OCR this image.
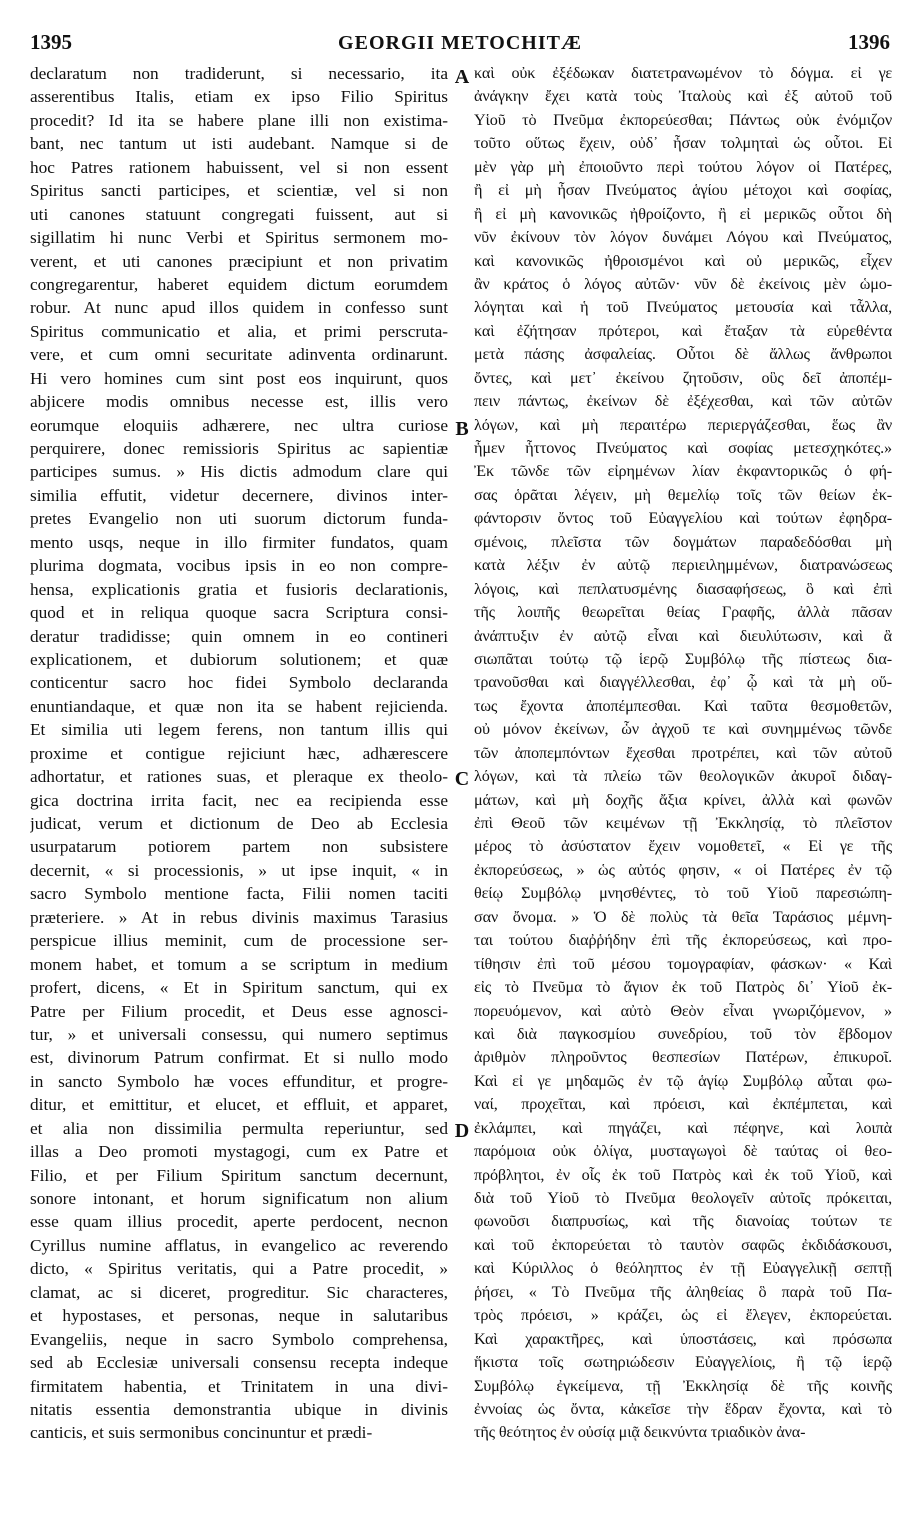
1395	GEORGII METOCHITÆ	1396
declaratum non tradiderunt, si necessario, ita
asserentibus Italis, etiam ex ipso Filio Spiritus
procedit? Id ita se habere plane illi non existima-
bant, nec tantum ut isti audebant. Namque si de
hoc Patres rationem habuissent, vel si non essent
Spiritus sancti participes, et scientiæ, vel si non
uti canones statuunt congregati fuissent, aut si
sigillatim hi nunc Verbi et Spiritus sermonem mo-
verent, et uti canones præcipiunt et non privatim
congregarentur, haberet equidem dictum eorumdem
robur. At nunc apud illos quidem in confesso sunt
Spiritus communicatio et alia, et primi perscruta-
vere, et cum omni securitate adinventa ordinarunt.
Hi vero homines cum sint post eos inquirunt, quos
abjicere modis omnibus necesse est, illis vero
eorumque eloquiis adhærere, nec ultra curiose
perquirere, donec remissioris Spiritus ac sapientiæ
participes sumus. » His dictis admodum clare qui
similia effutit, videtur decernere, divinos inter-
pretes Evangelio non uti suorum dictorum funda-
mento usqs, neque in illo firmiter fundatos, quam
plurima dogmata, vocibus ipsis in eo non compre-
hensa, explicationis gratia et fusioris declarationis,
quod et in reliqua quoque sacra Scriptura consi-
deratur tradidisse; quin omnem in eo contineri
explicationem, et dubiorum solutionem; et quæ
conticentur sacro hoc fidei Symbolo declaranda
enuntiandaque, et quæ non ita se habent rejicienda.
Et similia uti legem ferens, non tantum illis qui
proxime et contigue rejiciunt hæc, adhærescere
adhortatur, et rationes suas, et pleraque ex theolo-
gica doctrina irrita facit, nec ea recipienda esse
judicat, verum et dictionum de Deo ab Ecclesia
usurpatarum potiorem partem non subsistere
decernit, « si processionis, » ut ipse inquit, « in
sacro Symbolo mentione facta, Filii nomen taciti
præteriere. » At in rebus divinis maximus Tarasius
perspicue illius meminit, cum de processione ser-
monem habet, et tomum a se scriptum in medium
profert, dicens, « Et in Spiritum sanctum, qui ex
Patre per Filium procedit, et Deus esse agnosci-
tur, » et universali consessu, qui numero septimus
est, divinorum Patrum confirmat. Et si nullo modo
in sancto Symbolo hæ voces effunditur, et progre-
ditur, et emittitur, et elucet, et effluit, et apparet,
et alia non dissimilia permulta reperiuntur, sed
illas a Deo promoti mystagogi, cum ex Patre et
Filio, et per Filium Spiritum sanctum decernunt,
sonore intonant, et horum significatum non alium
esse quam illius procedit, aperte perdocent, necnon
Cyrillus numine afflatus, in evangelico ac reverendo
dicto, « Spiritus veritatis, qui a Patre procedit, »
clamat, ac si diceret, progreditur. Sic characteres,
et hypostases, et personas, neque in salutaribus
Evangeliis, neque in sacro Symbolo comprehensa,
sed ab Ecclesiæ universali consensu recepta indeque
firmitatem habentia, et Trinitatem in una divi-
nitatis essentia demonstrantia ubique in divinis
canticis, et suis sermonibus concinuntur et prædi-
καὶ οὐκ ἐξέδωκαν διατετρανωμένον τὸ δόγμα. εἰ γε
ἀνάγκην ἔχει κατὰ τοὺς Ἰταλοὺς καὶ ἐξ αὐτοῦ τοῦ
Υἱοῦ τὸ Πνεῦμα ἐκπορεύεσθαι; Πάντως οὐκ ἐνόμιζον
τοῦτο οὕτως ἔχειν, οὐδ᾽ ἦσαν τολμηταὶ ὡς οὗτοι. Εἰ
μὲν γὰρ μὴ ἐποιοῦντο περὶ τούτου λόγον οἱ Πατέρες,
ἢ εἰ μὴ ἦσαν Πνεύματος ἁγίου μέτοχοι καὶ σοφίας,
ἢ εἰ μὴ κανονικῶς ἠθροίζοντο, ἢ εἰ μερικῶς οὗτοι δὴ
νῦν ἐκίνουν τὸν λόγον δυνάμει Λόγου καὶ Πνεύματος,
καὶ κανονικῶς ἠθροισμένοι καὶ οὐ μερικῶς, εἶχεν
ἂν κράτος ὁ λόγος αὐτῶν· νῦν δὲ ἐκείνοις μὲν ὡμο-
λόγηται καὶ ἡ τοῦ Πνεύματος μετουσία καὶ τἆλλα,
καὶ ἐζήτησαν πρότεροι, καὶ ἔταξαν τὰ εὑρεθέντα
μετὰ πάσης ἀσφαλείας. Οὗτοι δὲ ἄλλως ἄνθρωποι
ὄντες, καὶ μετ᾽ ἐκείνου ζητοῦσιν, οὓς δεῖ ἀποπέμ-
πειν πάντως, ἐκείνων δὲ ἐξέχεσθαι, καὶ τῶν αὐτῶν
λόγων, καὶ μὴ περαιτέρω περιεργάζεσθαι, ἕως ἂν
ἦμεν ἧττονος Πνεύματος καὶ σοφίας μετεσχηκότες.»
Ἐκ τῶνδε τῶν εἰρημένων λίαν ἐκφαντορικῶς ὁ φή-
σας ὁρᾶται λέγειν, μὴ θεμελίῳ τοῖς τῶν θείων ἐκ-
φάντορσιν ὄντος τοῦ Εὐαγγελίου καὶ τούτων ἐφηδρα-
σμένοις, πλεῖστα τῶν δογμάτων παραδεδόσθαι μὴ
κατὰ λέξιν ἐν αὐτῷ περιειλημμένων, διατρανώσεως
λόγοις, καὶ πεπλατυσμένης διασαφήσεως, ὃ καὶ ἐπὶ
τῆς λοιπῆς θεωρεῖται θείας Γραφῆς, ἀλλὰ πᾶσαν
ἀνάπτυξιν ἐν αὐτῷ εἶναι καὶ διευλύτωσιν, καὶ ἃ
σιωπᾶται τούτῳ τῷ ἱερῷ Συμβόλῳ τῆς πίστεως δια-
τρανοῦσθαι καὶ διαγγέλλεσθαι, ἐφ᾽ ᾧ καὶ τὰ μὴ οὕ-
τως ἔχοντα ἀποπέμπεσθαι. Καὶ ταῦτα θεσμοθετῶν,
οὐ μόνον ἐκείνων, ὧν ἀγχοῦ τε καὶ συνημμένως τῶνδε
τῶν ἀποπεμπόντων ἔχεσθαι προτρέπει, καὶ τῶν αὐτοῦ
λόγων, καὶ τὰ πλείω τῶν θεολογικῶν ἀκυροῖ διδαγ-
μάτων, καὶ μὴ δοχῆς ἄξια κρίνει, ἀλλὰ καὶ φωνῶν
ἐπὶ Θεοῦ τῶν κειμένων τῇ Ἐκκλησίᾳ, τὸ πλεῖστον
μέρος τὸ ἀσύστατον ἔχειν νομοθετεῖ, « Εἰ γε τῆς
ἐκπορεύσεως, » ὡς αὐτός φησιν, « οἱ Πατέρες ἐν τῷ
θείῳ Συμβόλῳ μνησθέντες, τὸ τοῦ Υἱοῦ παρεσιώπη-
σαν ὄνομα. » Ὁ δὲ πολὺς τὰ θεῖα Ταράσιος μέμνη-
ται τούτου διαῤῥήδην ἐπὶ τῆς ἐκπορεύσεως, καὶ προ-
τίθησιν ἐπὶ τοῦ μέσου τομογραφίαν, φάσκων· « Καὶ
εἰς τὸ Πνεῦμα τὸ ἅγιον ἐκ τοῦ Πατρὸς δι᾽ Υἱοῦ ἐκ-
πορευόμενον, καὶ αὐτὸ Θεὸν εἶναι γνωριζόμενον, »
καὶ διὰ παγκοσμίου συνεδρίου, τοῦ τὸν ἕβδομον
ἀριθμὸν πληροῦντος θεσπεσίων Πατέρων, ἐπικυροῖ.
Καὶ εἰ γε μηδαμῶς ἐν τῷ ἁγίῳ Συμβόλῳ αὗται φω-
ναί, προχεῖται, καὶ πρόεισι, καὶ ἐκπέμπεται, καὶ
ἐκλάμπει, καὶ πηγάζει, καὶ πέφηνε, καὶ λοιπὰ
παρόμοια οὐκ ὀλίγα, μυσταγωγοὶ δὲ ταύτας οἱ θεο-
πρόβλητοι, ἐν οἷς ἐκ τοῦ Πατρὸς καὶ ἐκ τοῦ Υἱοῦ, καὶ
διὰ τοῦ Υἱοῦ τὸ Πνεῦμα θεολογεῖν αὐτοῖς πρόκειται,
φωνοῦσι διαπρυσίως, καὶ τῆς διανοίας τούτων τε
καὶ τοῦ ἐκπορεύεται τὸ ταυτὸν σαφῶς ἐκδιδάσκουσι,
καὶ Κύριλλος ὁ θεόληπτος ἐν τῇ Εὐαγγελικῇ σεπτῇ
ῥήσει, « Τὸ Πνεῦμα τῆς ἀληθείας ὃ παρὰ τοῦ Πα-
τρὸς πρόεισι, » κράζει, ὡς εἰ ἔλεγεν, ἐκπορεύεται.
Καὶ χαρακτῆρες, καὶ ὑποστάσεις, καὶ πρόσωπα
ἥκιστα τοῖς σωτηριώδεσιν Εὐαγγελίοις, ἢ τῷ ἱερῷ
Συμβόλῳ ἐγκείμενα, τῇ Ἐκκλησίᾳ δὲ τῆς κοινῆς
ἐννοίας ὡς ὄντα, κἀκεῖσε τὴν ἕδραν ἔχοντα, καὶ τὸ
τῆς θεότητος ἐν οὐσίᾳ μιᾷ δεικνύντα τριαδικὸν ἀνα-
A
B
C
D
